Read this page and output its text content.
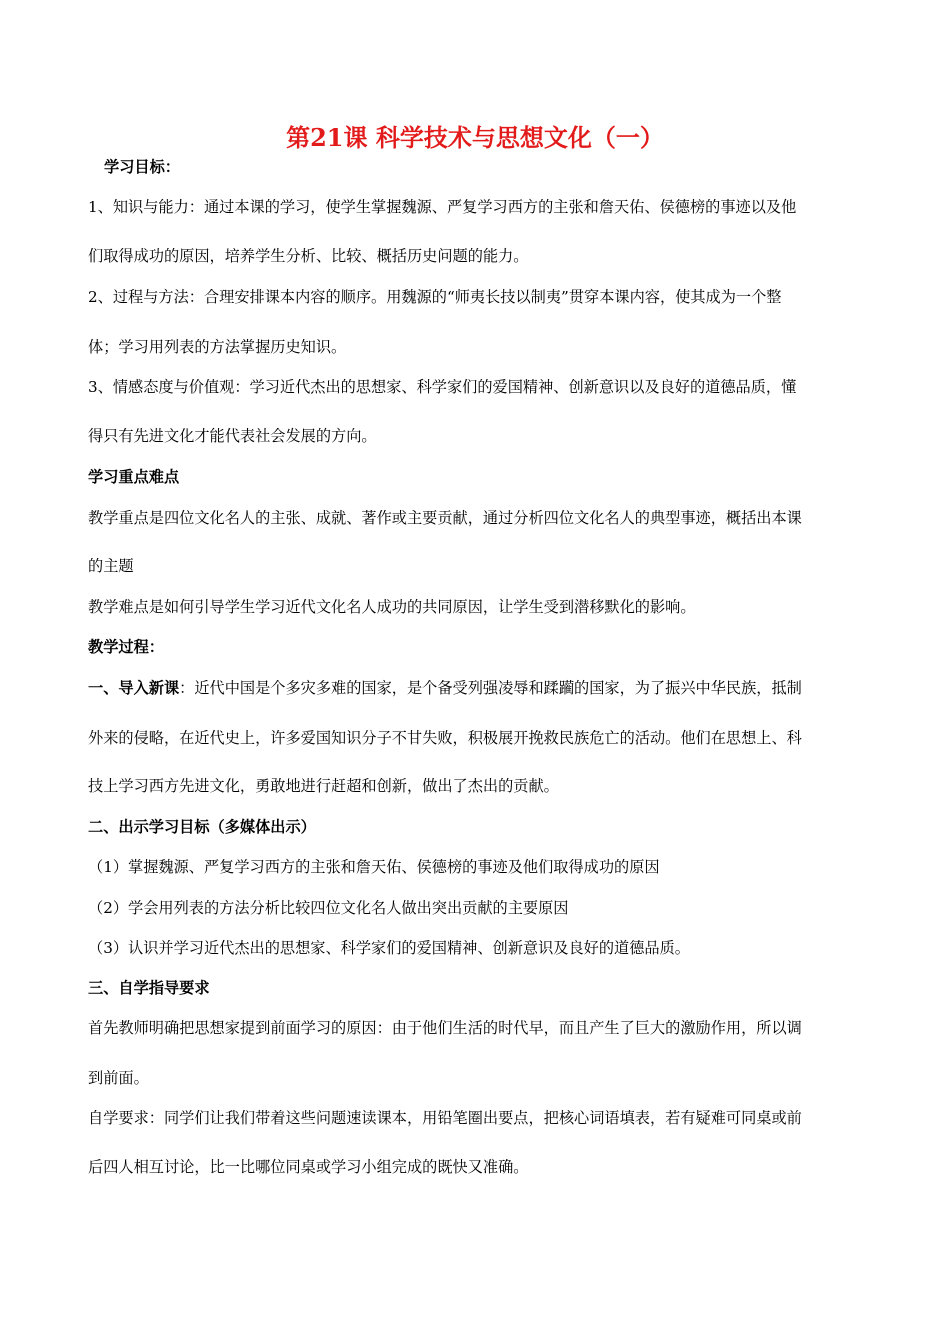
第21课 科学技术与思想文化（一）
学习目标：
1、知识与能力：通过本课的学习，使学生掌握魏源、严复学习西方的主张和詹天佑、侯德榜的事迹以及他
们取得成功的原因，培养学生分析、比较、概括历史问题的能力。
2、过程与方法：合理安排课本内容的顺序。用魏源的“师夷长技以制夷”贯穿本课内容，使其成为一个整
体；学习用列表的方法掌握历史知识。
3、情感态度与价值观：学习近代杰出的思想家、科学家们的爱国精神、创新意识以及良好的道德品质，懂
得只有先进文化才能代表社会发展的方向。
学习重点难点
教学重点是四位文化名人的主张、成就、著作或主要贡献，通过分析四位文化名人的典型事迹，概括出本课
的主题
教学难点是如何引导学生学习近代文化名人成功的共同原因，让学生受到潜移默化的影响。
教学过程：
一、导入新课：近代中国是个多灾多难的国家，是个备受列强凌辱和蹂躏的国家，为了振兴中华民族，抵制
外来的侵略，在近代史上，许多爱国知识分子不甘失败，积极展开挽救民族危亡的活动。他们在思想上、科
技上学习西方先进文化，勇敢地进行赶超和创新，做出了杰出的贡献。
二、出示学习目标（多媒体出示）
（1）掌握魏源、严复学习西方的主张和詹天佑、侯德榜的事迹及他们取得成功的原因
（2）学会用列表的方法分析比较四位文化名人做出突出贡献的主要原因
（3）认识并学习近代杰出的思想家、科学家们的爱国精神、创新意识及良好的道德品质。
三、自学指导要求
首先教师明确把思想家提到前面学习的原因：由于他们生活的时代早，而且产生了巨大的激励作用，所以调
到前面。
自学要求：同学们让我们带着这些问题速读课本，用铅笔圈出要点，把核心词语填表，若有疑难可同桌或前
后四人相互讨论，比一比哪位同桌或学习小组完成的既快又准确。
